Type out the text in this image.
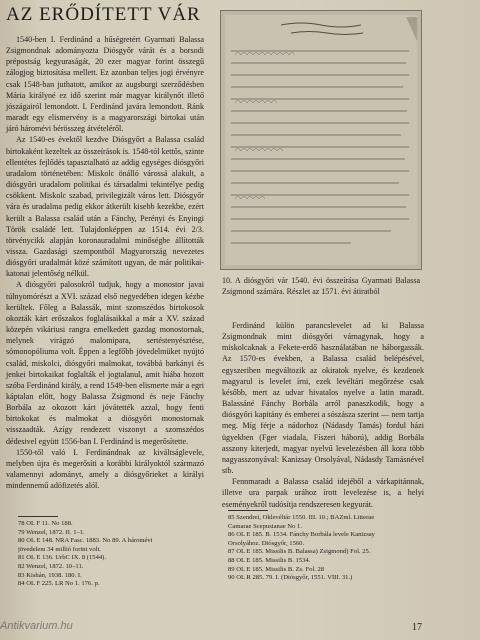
AZ ERŐDÍTETT VÁR

1540-ben I. Ferdinánd a hűségretért Gyarmati Balassa Zsigmondnak adományozta Diósgyőr várát és a borsodi prépostság kegyuraságát, 20 ezer magyar forint összegű zálogjog biztosítása mellett. Ez azonban teljes jogi érvényre csak 1548-ban juthatott, amikor az augsburgi szerződésben Mária királyné ez idő szerint már magyar királynőt illető jószágairól lemondott. I. Ferdinánd javára lemondott. Ránk maradt egy elismervény is a magyarországi birtokai után járó háromévi bérösszeg átvételéről.

Az 1540-es évektől kezdve Diósgyőrt a Balassa család birtokaként kezeltek az összeírások is. 1548-tól kettős, szinte ellentétes fejlődés tapasztalható az addig egységes diósgyőri uradalom történetében: Miskolc önálló várossá alakult, a diósgyőri uradalom politikai és társadalmi tekintélye pedig csökkent. Miskolc szabad, privilegizált város lett. Diósgyőr vára és uradalma pedig ekkor átkerült kisebb kezekbe, ezért került a Balassa család után a Fánchy, Perényi és Enyingi Török családé lett. Tulajdonképpen az 1514. évi 2/3. törvénycikk alapján koronauradalmi minőségbe állították vissza. Gazdasági szempontból Magyarország nevezetes diósgyőri uradalmát közé számított ugyan, de már politikai-katonai jelentőség nélkül.

A diósgyőri palosokról tudjuk, hogy a monostor javai túlnyomórészt a XVI. század első negyedében idegen kézbe kerültek. Főleg a Balassák, mint szomszédos birtokosok okozták kárt erőszakos foglalásaikkal a már a XV. század közepén vikáriusi rangra emelkedett gazdag monostornak, melynek virágzó malomipara, sertéstenyésztése, sómonopóliuma volt. Éppen a legfőbb jövedelmüket nyújtó család, miskolci, diósgyőri malmokat, továbbá barkányi és jenkei birtokaikat foglalták el jogtalanul, amit hiába hozott szóba Ferdinánd király, a rend 1549-ben elismerte már a egri káptalan előtt, hogy Balassa Zsigmond és neje Fánchy Borbála az okozott kárt jóvátették azzal, hogy fenti birtokokat és malmokat a diósgyőri monostornak visszaadták. Azígy rendezett viszonyt a szomszédos dédesivel együtt 1556-ban I. Ferdinánd is megerősítette.

1550-től való I. Ferdinándnak az kiváltságlevele, melyben újra és megerősíti a korábbi királyoktól származó valamennyi adományt, amely a diósgyőrieket a királyi mindennemű adófizetés alól.

10. A diósgyőri vár 1540. évi összeírása Gyarmati Balassa Zsigmond számára. Részlet az 1571. évi átiratból

Ferdinánd külön parancslevelet ad ki Balassa Zsigmondnak mint diósgyőri várnagynak, hogy a miskolcaknak a Fekete-erdő használatában ne háborgassák. Az 1570-es években, a Balassa család belépésével, egyszeriben megváltozik az okiratok nyelve, és kezdenek magyarul is levelet írni, ezek levéltári megőrzése csak később, mert az udvar hivatalos nyelve a latin maradt. Balassáné Fánchy Borbála arról panaszkodik, hogy a diósgyőri kapitány és emberei a sószásza szerint — nem tartja meg. Míg férje a nádorhoz (Nádasdy Tamás) fordul házi ügyekben (Fger viadala, Físzeri háború), addig Borbála asszony kiterjedt, magyar nyelvű levelezésben áll kora több nagyasszonyával: Kanizsay Orsolyával, Nádasdy Tamásnével stb.

Fennmaradt a Balassa család idejéből a várkapitánnak, illetve ura parpak urához írott levelezése is, a helyi eseményekről tudósítja rendszeresen kegyurát.

78 OL F 11. No 188.
79 Wenzel, 1872. II. 1–1.
80 OL E 148. NRA Fasc. 1883. No 89. A háromévi
jövedelem 34 millió forint volt.
81 OL E 136. UrbC IX. 8 (1544).
82 Wenzel, 1872. 10–11.
83 Kishán, 1938. 180. I.
84 OL F 225. LR No 1. 176. p.
85 Szendrei, Oklevéltár 1550. III. 10.; BAZml. Litterae
Camarae Scepusianae No 1.
86 OL E 185. B. 1534. Fánchy Borbála levele Kanizsay
Orsolyához. Diósgyőr, 1560.
87 OL E 185. Missilis B. Balassa) Zsigmond) Fol. 25.
88 OL E 185. Missilis B. 1534.
89 OL E 185. Missilis B. Zs. Fol. 28
90 OL R 285. 79. I. (Diósgyőr, 1551. VIII. 31.)
17
Antikvarium.hu
